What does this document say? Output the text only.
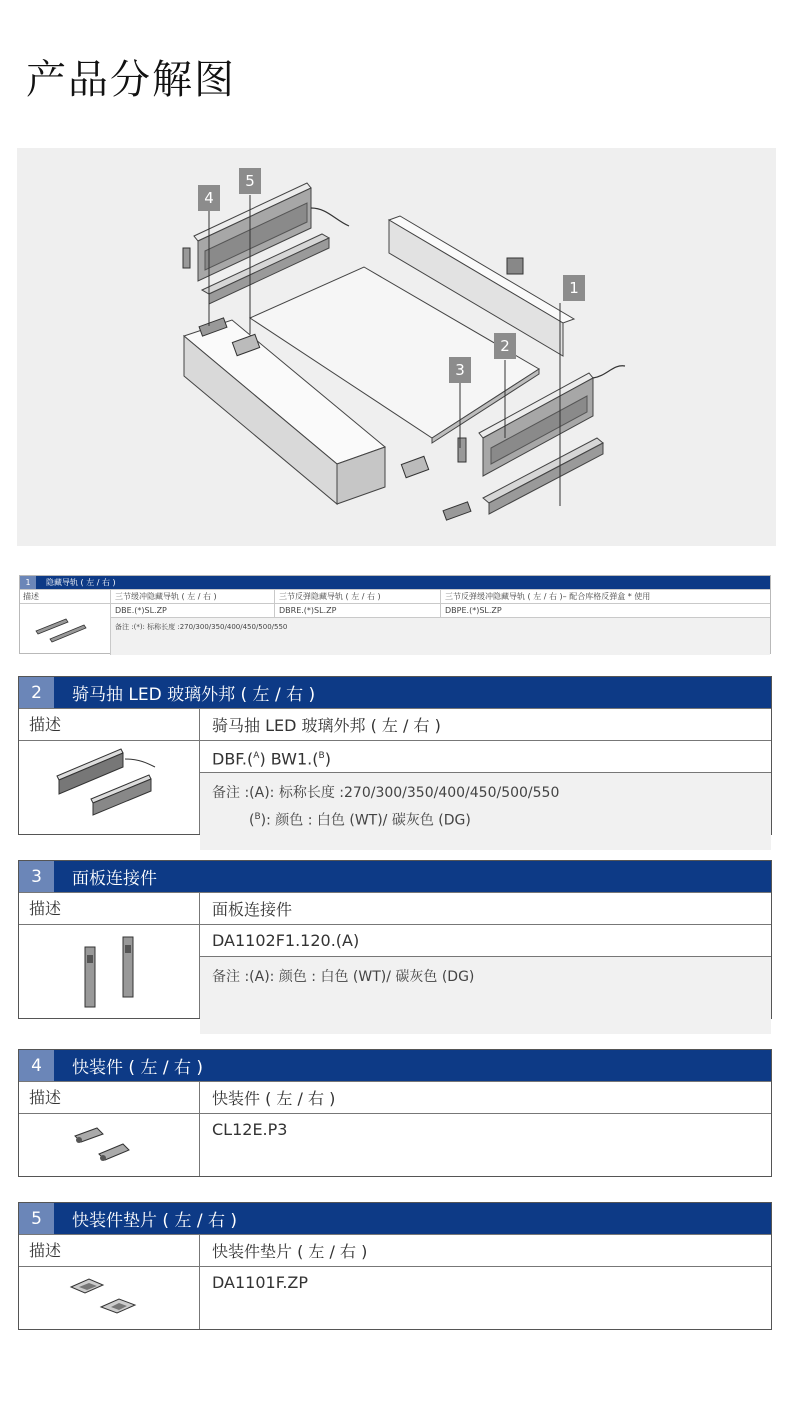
产品分解图
1
2
3
4
5
1	隐藏导轨 ( 左 / 右 )
描述	三节缓冲隐藏导轨 ( 左 / 右 )	三节反弹隐藏导轨 ( 左 / 右 )	三节反弹缓冲隐藏导轨 ( 左 / 右 )– 配合库格反弹盒 * 使用
DBE.(*)SL.ZP	DBRE.(*)SL.ZP	DBPE.(*)SL.ZP
备注 :(*): 标称长度 :270/300/350/400/450/500/550
2	骑马抽 LED 玻璃外邦 ( 左 / 右 )
描述	骑马抽 LED 玻璃外邦 ( 左 / 右 )
DBF.($^A$) BW1.($^B$)
备注 :(A): 标称长度 :270/300/350/400/450/500/550
($^B$): 颜色 : 白色 (WT)/ 碳灰色 (DG)
3	面板连接件
描述	面板连接件
DA1102F1.120.(A)
备注 :(A): 颜色 : 白色 (WT)/ 碳灰色 (DG)
4	快装件 ( 左 / 右 )
描述	快装件 ( 左 / 右 )
CL12E.P3
5	快装件垫片 ( 左 / 右 )
描述	快装件垫片 ( 左 / 右 )
DA1101F.ZP
